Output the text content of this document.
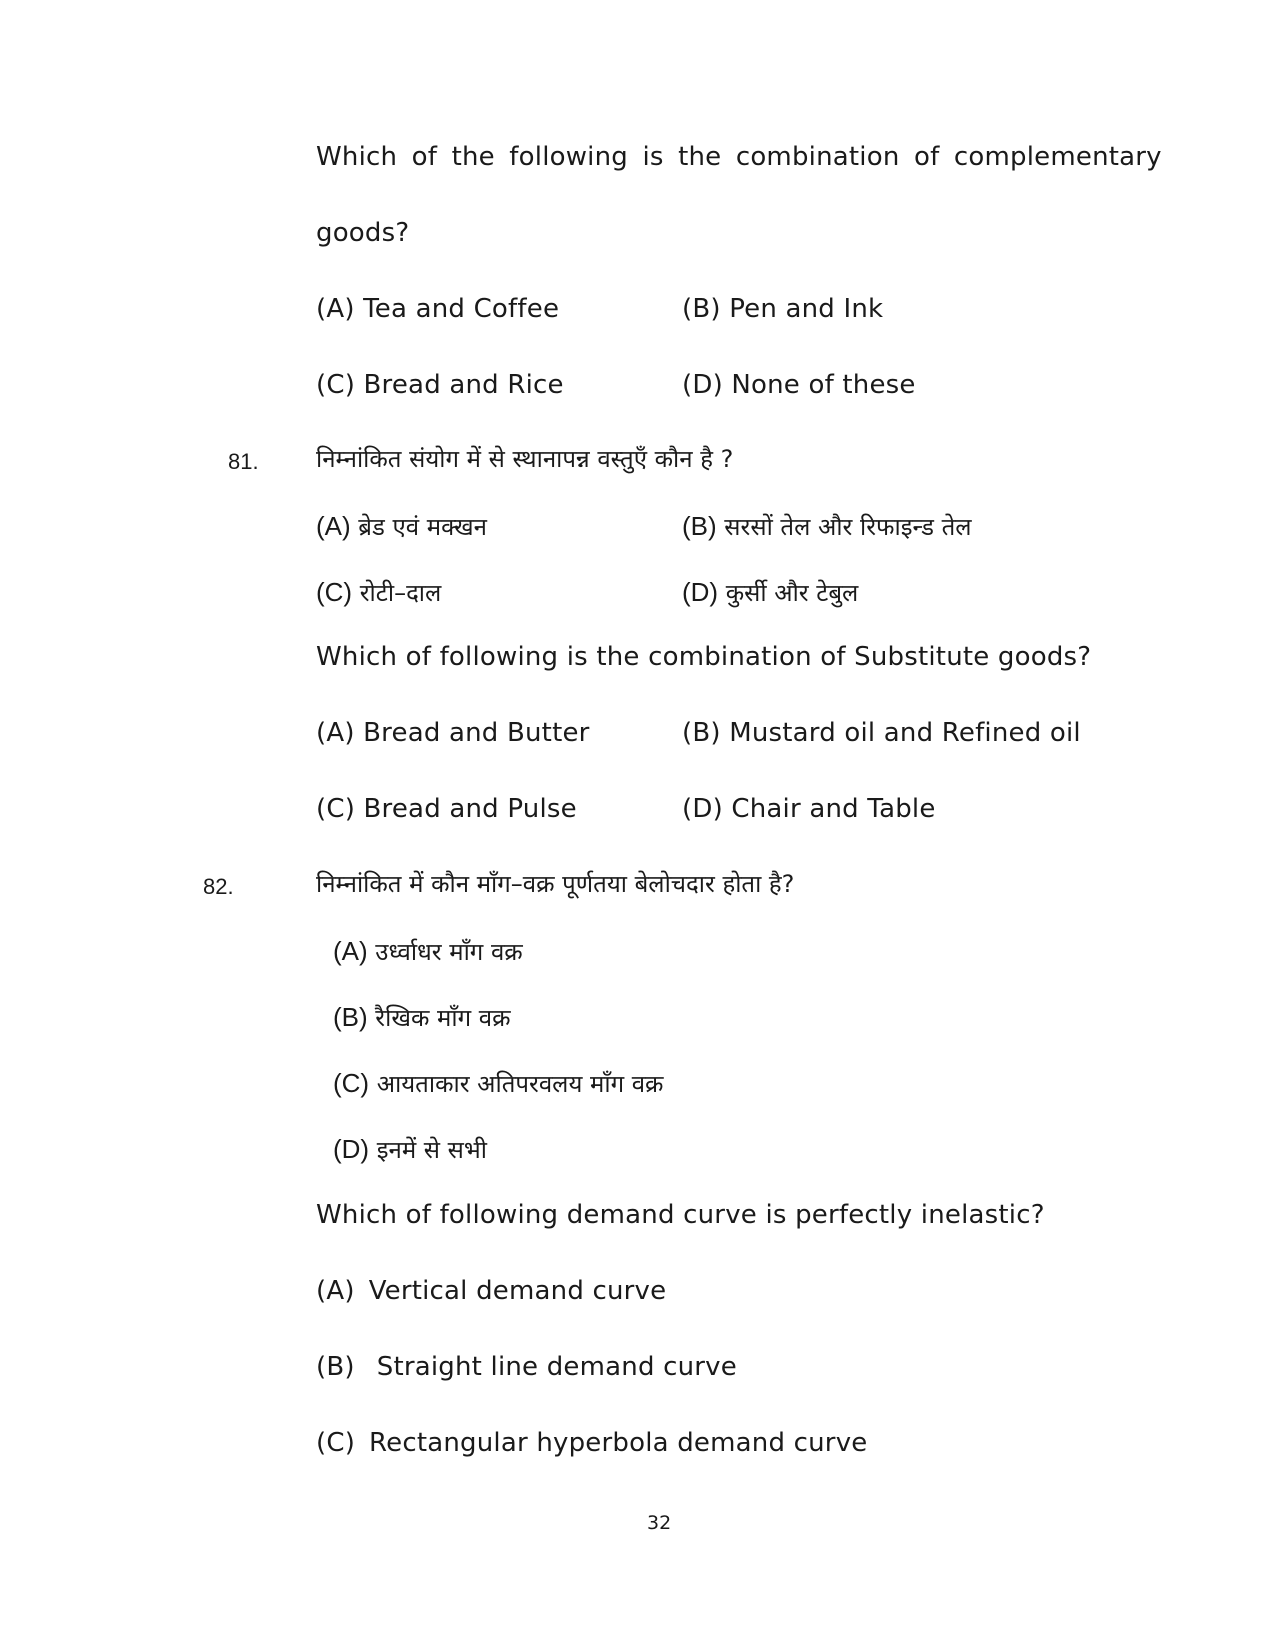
Which of the following is the combination of complementary
goods?
(A) Tea and Coffee	(B) Pen and Ink
(C) Bread and Rice	(D) None of these
81. निम्नांकित संयोग में से स्थानापन्न वस्तुएँ कौन है ?
(A) ब्रेड एवं मक्खन	(B) सरसों तेल और रिफाइन्ड तेल
(C) रोटी–दाल	(D) कुर्सी और टेबुल
Which of following is the combination of Substitute goods?
(A) Bread and Butter	(B) Mustard oil and Refined oil
(C) Bread and Pulse	(D) Chair and Table
82.	निम्नांकित में कौन माँग–वक्र पूर्णतया बेलोचदार होता है?
(A) उर्ध्वाधर माँग वक्र
(B) रैखिक माँग वक्र
(C) आयताकार अतिपरवलय माँग वक्र
(D) इनमें से सभी
Which of following demand curve is perfectly inelastic?
(A) Vertical demand curve
(B) Straight line demand curve
(C) Rectangular hyperbola demand curve
32
